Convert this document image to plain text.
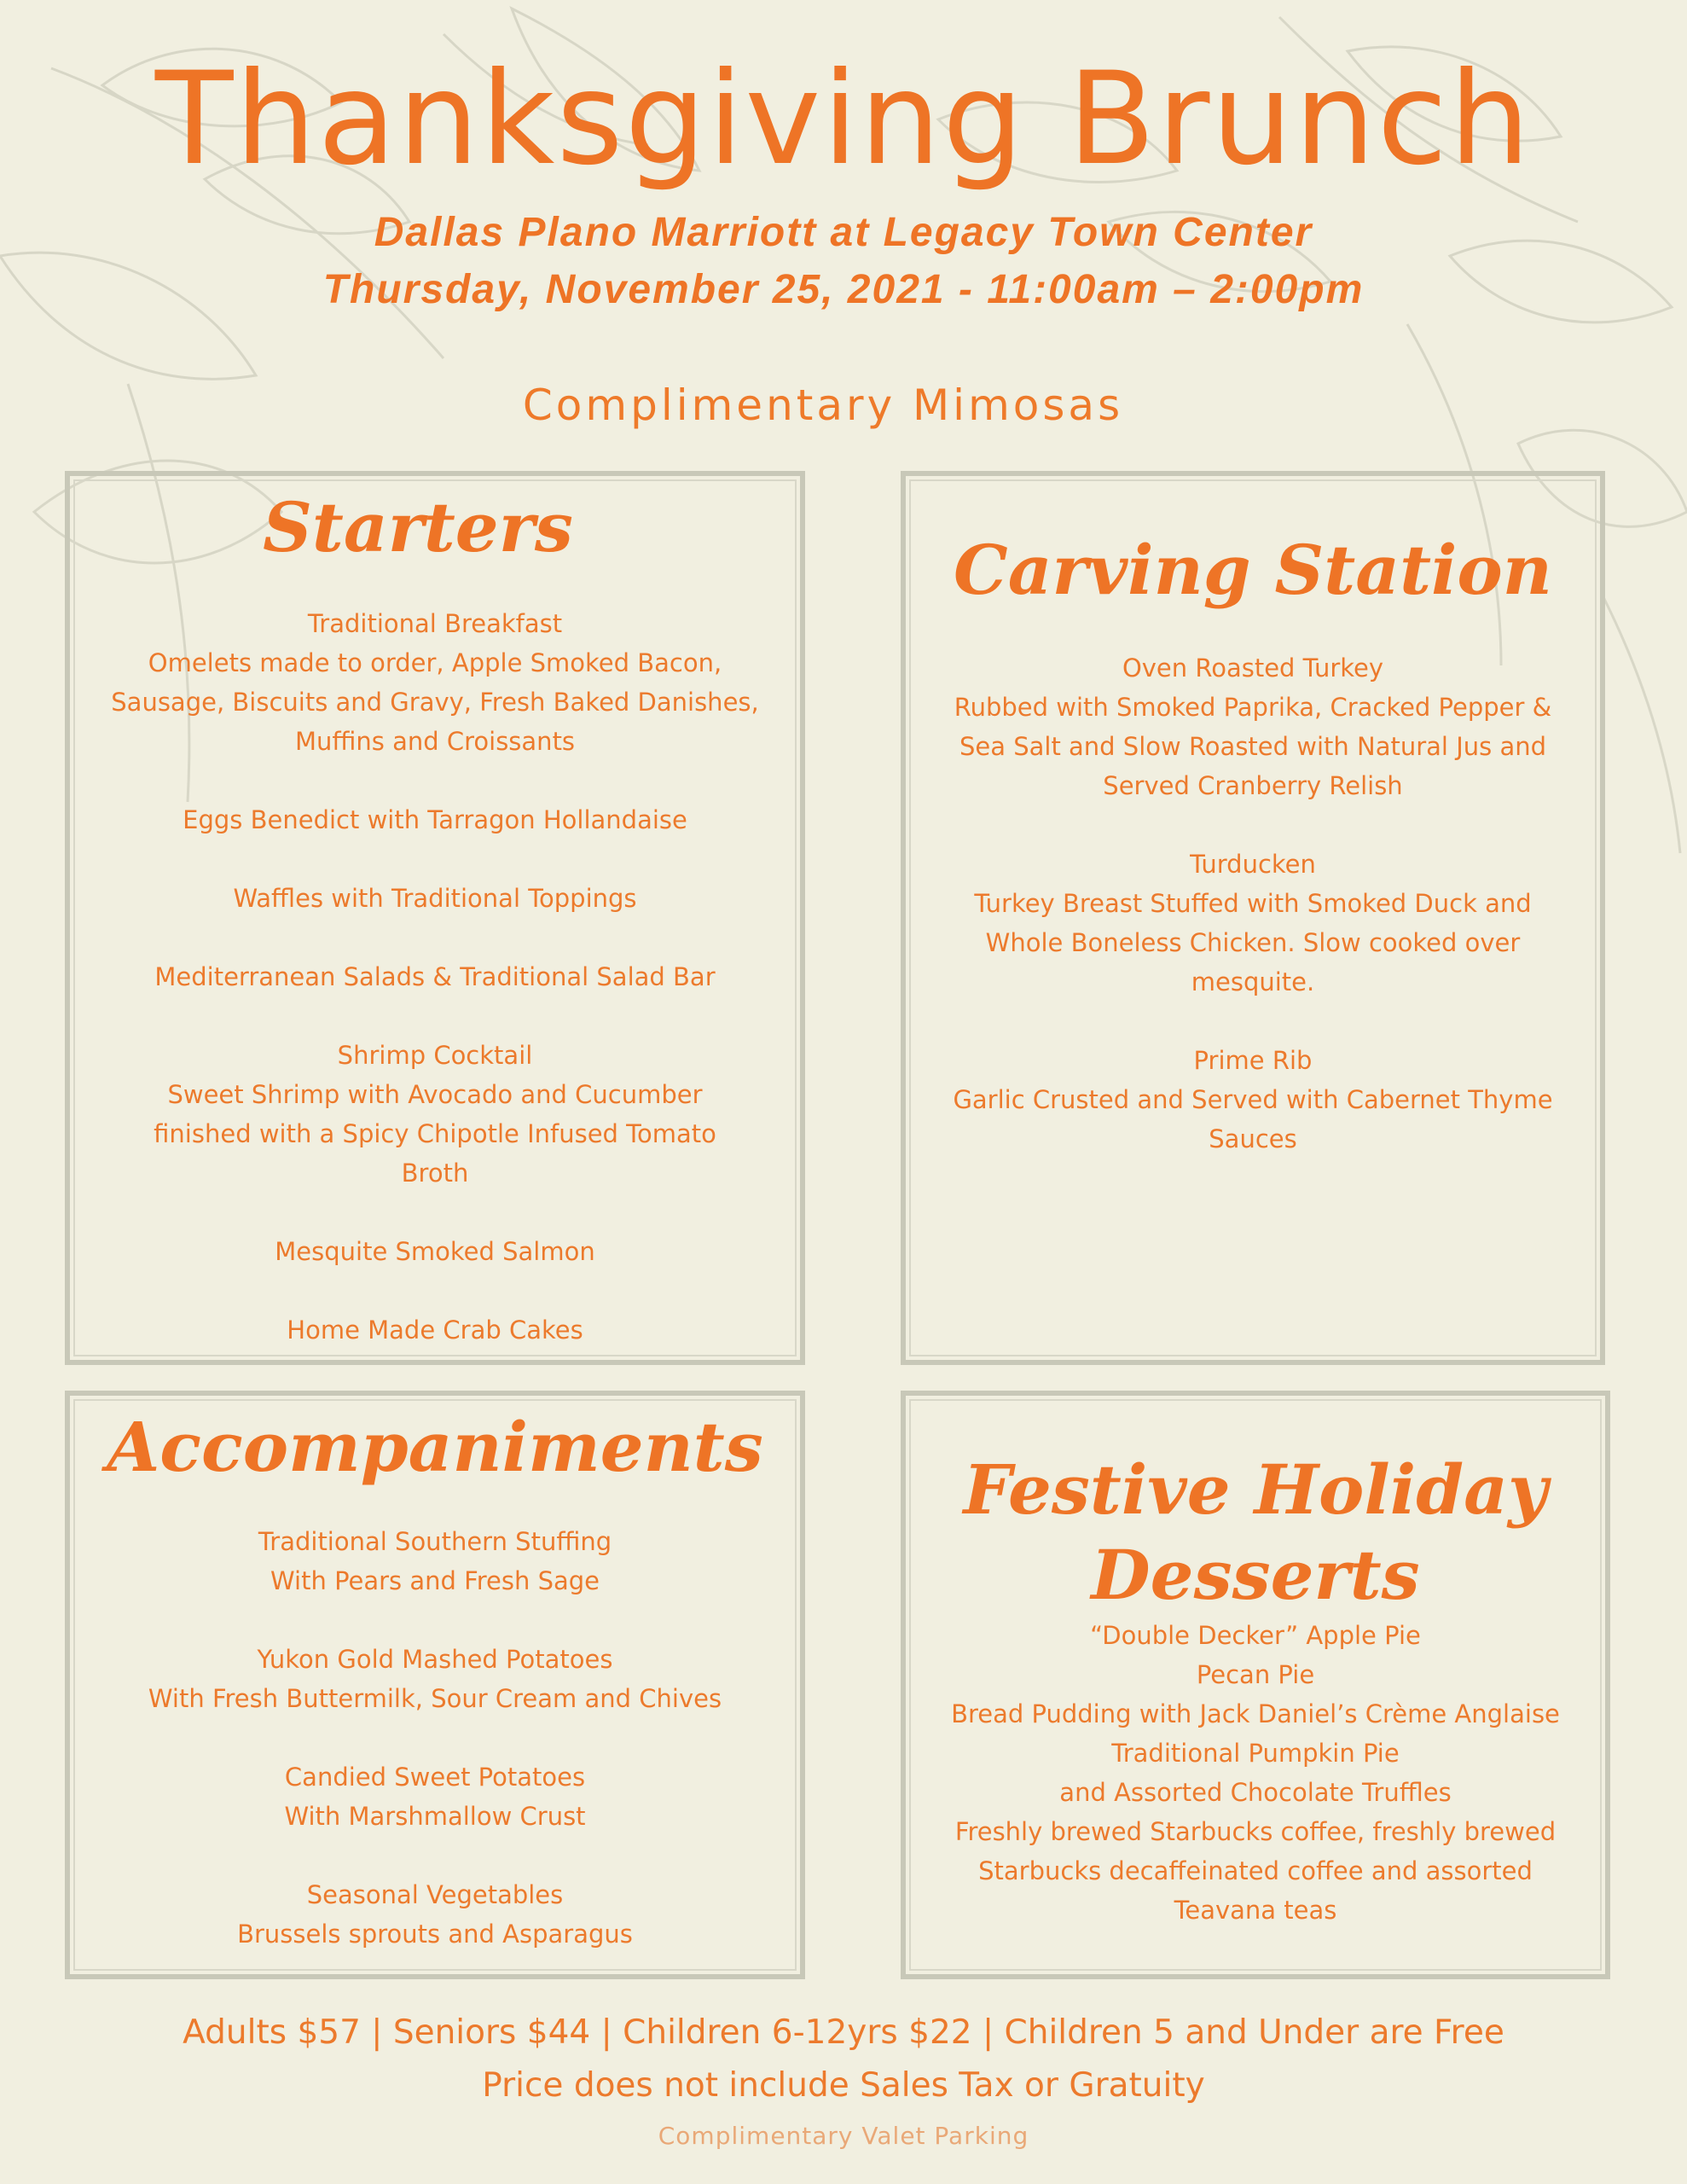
Thanksgiving Brunch
Dallas Plano Marriott at Legacy Town Center
Thursday, November 25, 2021 - 11:00am – 2:00pm
Complimentary Mimosas
Starters
Traditional Breakfast
Omelets made to order, Apple Smoked Bacon,
Sausage, Biscuits and Gravy, Fresh Baked Danishes,
Muffins and Croissants
Eggs Benedict with Tarragon Hollandaise
Waffles with Traditional Toppings
Mediterranean Salads & Traditional Salad Bar
Shrimp Cocktail
Sweet Shrimp with Avocado and Cucumber
finished with a Spicy Chipotle Infused Tomato
Broth
Mesquite Smoked Salmon
Home Made Crab Cakes
Carving Station
Oven Roasted Turkey
Rubbed with Smoked Paprika, Cracked Pepper &
Sea Salt and Slow Roasted with Natural Jus and
Served Cranberry Relish
Turducken
Turkey Breast Stuffed with Smoked Duck and
Whole Boneless Chicken. Slow cooked over
mesquite.
Prime Rib
Garlic Crusted and Served with Cabernet Thyme
Sauces
Accompaniments
Traditional Southern Stuffing
With Pears and Fresh Sage
Yukon Gold Mashed Potatoes
With Fresh Buttermilk, Sour Cream and Chives
Candied Sweet Potatoes
With Marshmallow Crust
Seasonal Vegetables
Brussels sprouts and Asparagus
Festive Holiday Desserts
“Double Decker” Apple Pie
Pecan Pie
Bread Pudding with Jack Daniel’s Crème Anglaise
Traditional Pumpkin Pie
and Assorted Chocolate Truffles
Freshly brewed Starbucks coffee, freshly brewed
Starbucks decaffeinated coffee and assorted
Teavana teas
Adults $57 | Seniors $44 | Children 6-12yrs $22 | Children 5 and Under are Free
Price does not include Sales Tax or Gratuity
Complimentary Valet Parking
